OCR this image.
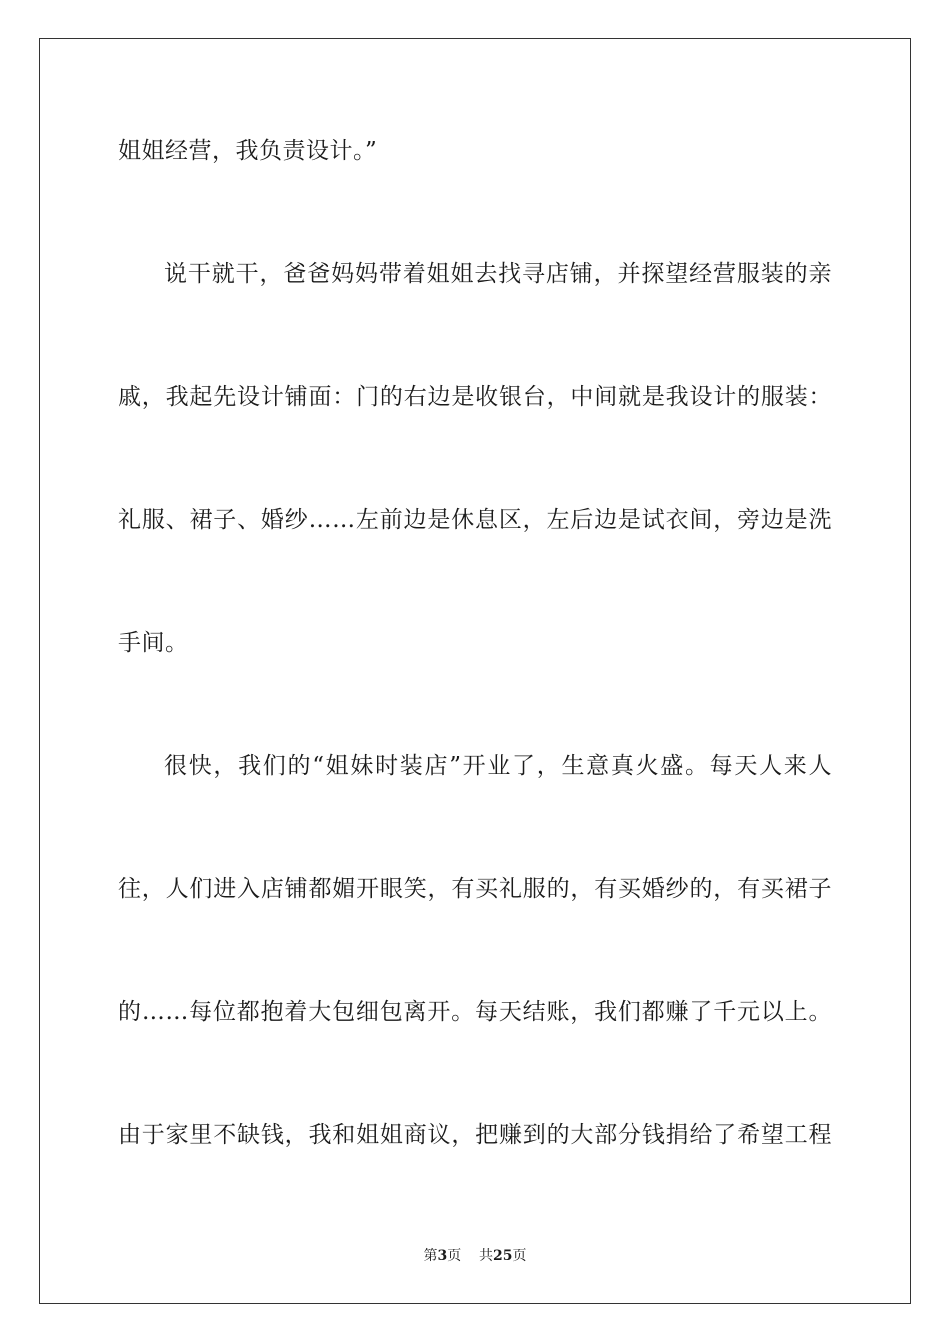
姐姐经营，我负责设计。”
说干就干，爸爸妈妈带着姐姐去找寻店铺，并探望经营服装的亲
戚，我起先设计铺面：门的右边是收银台，中间就是我设计的服装：
礼服、裙子、婚纱……左前边是休息区，左后边是试衣间，旁边是洗
手间。
很快，我们的“姐妹时装店”开业了，生意真火盛。每天人来人
往，人们进入店铺都媚开眼笑，有买礼服的，有买婚纱的，有买裙子
的……每位都抱着大包细包离开。每天结账，我们都赚了千元以上。
由于家里不缺钱，我和姐姐商议，把赚到的大部分钱捐给了希望工程
第3页 共25页
